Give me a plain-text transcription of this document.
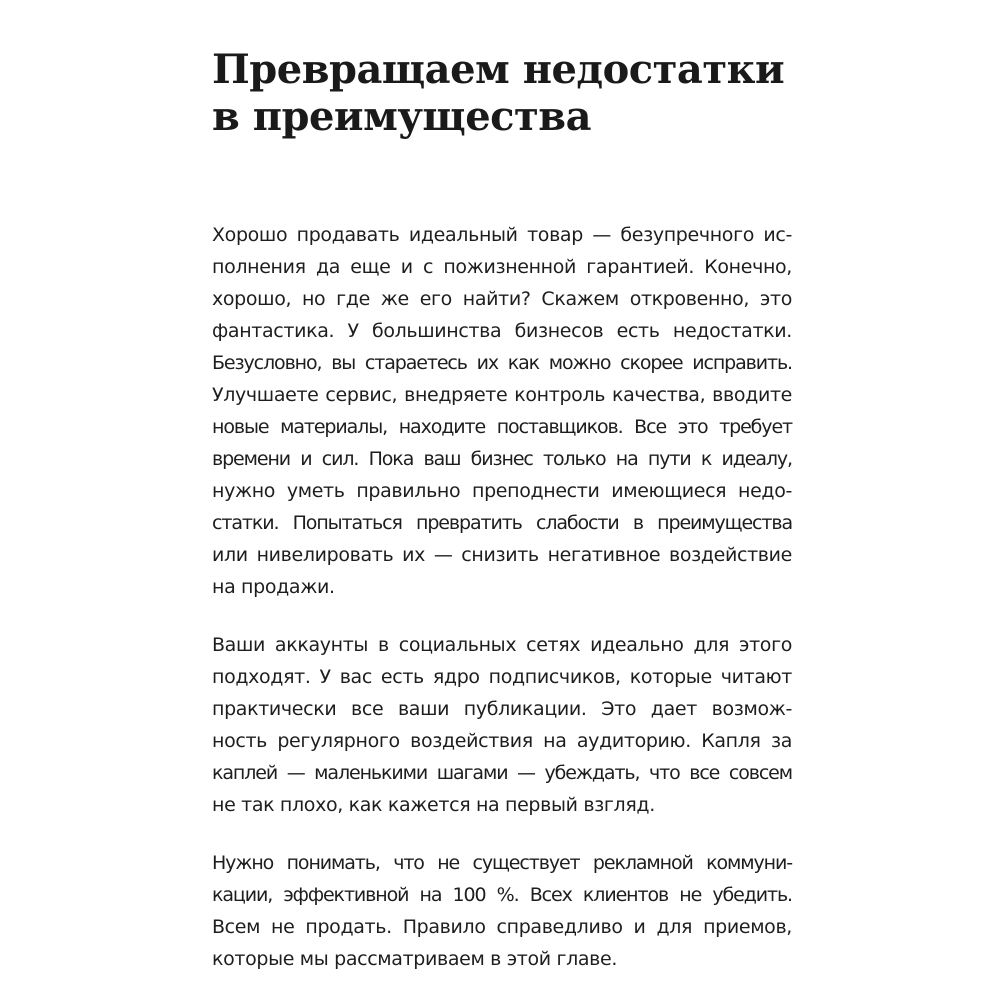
Превращаем недостатки
в преимущества

Хорошо продавать идеальный товар — безупречного ис-
полнения да еще и с пожизненной гарантией. Конечно,
хорошо, но где же его найти? Скажем откровенно, это
фантастика. У большинства бизнесов есть недостатки.
Безусловно, вы стараетесь их как можно скорее исправить.
Улучшаете сервис, внедряете контроль качества, вводите
новые материалы, находите поставщиков. Все это требует
времени и сил. Пока ваш бизнес только на пути к идеалу,
нужно уметь правильно преподнести имеющиеся недо-
статки. Попытаться превратить слабости в преимущества
или нивелировать их — снизить негативное воздействие
на продажи.

Ваши аккаунты в социальных сетях идеально для этого
подходят. У вас есть ядро подписчиков, которые читают
практически все ваши публикации. Это дает возмож-
ность регулярного воздействия на аудиторию. Капля за
каплей — маленькими шагами — убеждать, что все совсем
не так плохо, как кажется на первый взгляд.

Нужно понимать, что не существует рекламной коммуни-
кации, эффективной на 100 %. Всех клиентов не убедить.
Всем не продать. Правило справедливо и для приемов,
которые мы рассматриваем в этой главе.
